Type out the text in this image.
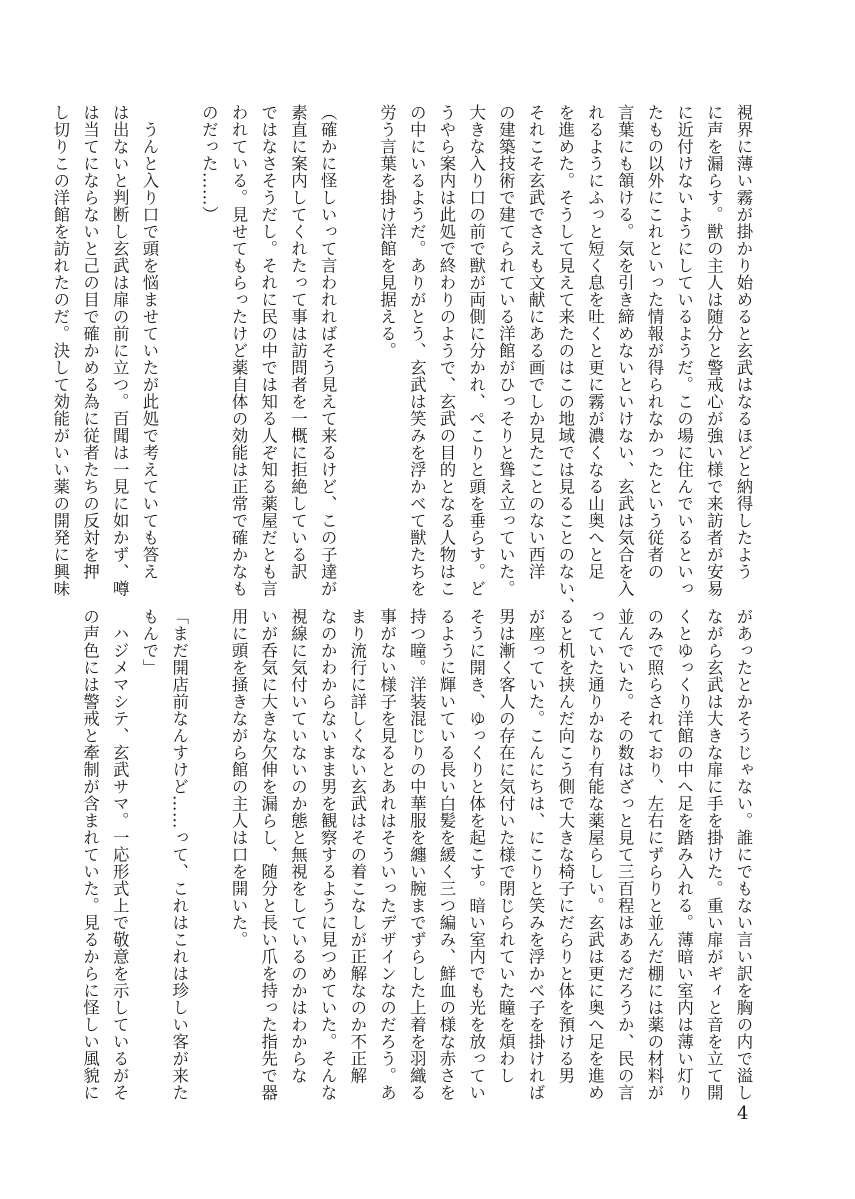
視界に薄い霧が掛かり始めると玄武はなるほどと納得したよう
に声を漏らす。獣の主人は随分と警戒心が強い様で来訪者が安易
に近付けないようにしているようだ。この場に住んでいるといっ
たもの以外にこれといった情報が得られなかったという従者の
言葉にも頷ける。気を引き締めないといけない、玄武は気合を入
れるようにふっと短く息を吐くと更に霧が濃くなる山奥へと足
を進めた。そうして見えて来たのはこの地域では見ることのない、
それこそ玄武でさえも文献にある画でしか見たことのない西洋
の建築技術で建てられている洋館がひっそりと聳え立っていた。
大きな入り口の前で獣が両側に分かれ、ぺこりと頭を垂らす。ど
うやら案内は此処で終わりのようで、玄武の目的となる人物はこ
の中にいるようだ。ありがとう、玄武は笑みを浮かべて獣たちを
労う言葉を掛け洋館を見据える。

（確かに怪しいって言われればそう見えて来るけど、この子達が
素直に案内してくれたって事は訪問者を一概に拒絶している訳
ではなさそうだし。それに民の中では知る人ぞ知る薬屋だとも言
われている。見せてもらったけど薬自体の効能は正常で確かなも
のだった……）

　うんと入り口で頭を悩ませていたが此処で考えていても答え
は出ないと判断し玄武は扉の前に立つ。百聞は一見に如かず、噂
は当てにならないと己の目で確かめる為に従者たちの反対を押
し切りこの洋館を訪れたのだ。決して効能がいい薬の開発に興味
があったとかそうじゃない。誰にでもない言い訳を胸の内で溢し
ながら玄武は大きな扉に手を掛けた。重い扉がギィと音を立て開
くとゆっくり洋館の中へ足を踏み入れる。薄暗い室内は薄い灯り
のみで照らされており、左右にずらりと並んだ棚には薬の材料が
並んでいた。その数はざっと見て三百程はあるだろうか、民の言
っていた通りかなり有能な薬屋らしい。玄武は更に奥へ足を進め
ると机を挟んだ向こう側で大きな椅子にだらりと体を預ける男
が座っていた。こんにちは、にこりと笑みを浮かべ子を掛ければ
男は漸く客人の存在に気付いた様で閉じられていた瞳を煩わし
そうに開き、ゆっくりと体を起こす。暗い室内でも光を放ってい
るように輝いている長い白髪を緩く三つ編み、鮮血の様な赤さを
持つ瞳。洋装混じりの中華服を纏い腕までずらした上着を羽織る
事がない様子を見るとあれはそういったデザインなのだろう。あ
まり流行に詳しくない玄武はその着こなしが正解なのか不正解
なのかわからないまま男を観察するように見つめていた。そんな
視線に気付いていないのか態と無視をしているのかはわからな
いが呑気に大きな欠伸を漏らし、随分と長い爪を持った指先で器
用に頭を掻きながら館の主人は口を開いた。

「まだ開店前なんすけど……って、これはこれは珍しい客が来た
もんで」
　ハジメマシテ、玄武サマ。一応形式上で敬意を示しているがそ
の声色には警戒と牽制が含まれていた。見るからに怪しい風貌に
4
